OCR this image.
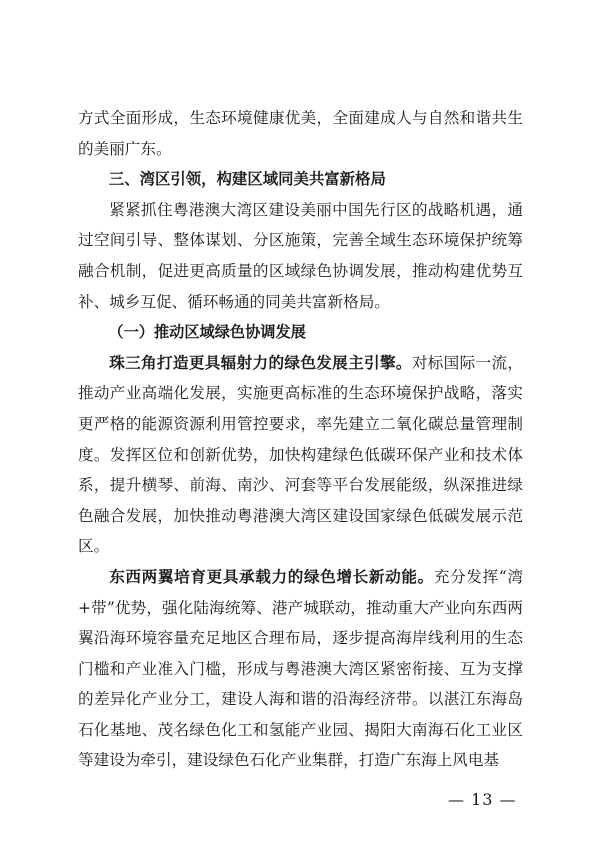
方式全面形成，生态环境健康优美，全面建成人与自然和谐共生的美丽广东。

三、湾区引领，构建区域同美共富新格局

紧紧抓住粤港澳大湾区建设美丽中国先行区的战略机遇，通过空间引导、整体谋划、分区施策，完善全域生态环境保护统筹融合机制，促进更高质量的区域绿色协调发展，推动构建优势互补、城乡互促、循环畅通的同美共富新格局。

（一）推动区域绿色协调发展

珠三角打造更具辐射力的绿色发展主引擎。对标国际一流，推动产业高端化发展，实施更高标准的生态环境保护战略，落实更严格的能源资源利用管控要求，率先建立二氧化碳总量管理制度。发挥区位和创新优势，加快构建绿色低碳环保产业和技术体系，提升横琴、前海、南沙、河套等平台发展能级，纵深推进绿色融合发展，加快推动粤港澳大湾区建设国家绿色低碳发展示范区。

东西两翼培育更具承载力的绿色增长新动能。充分发挥“湾+带”优势，强化陆海统筹、港产城联动，推动重大产业向东西两翼沿海环境容量充足地区合理布局，逐步提高海岸线利用的生态门槛和产业准入门槛，形成与粤港澳大湾区紧密衔接、互为支撑的差异化产业分工，建设人海和谐的沿海经济带。以湛江东海岛石化基地、茂名绿色化工和氢能产业园、揭阳大南海石化工业区等建设为牵引，建设绿色石化产业集群，打造广东海上风电基

— 13 —
